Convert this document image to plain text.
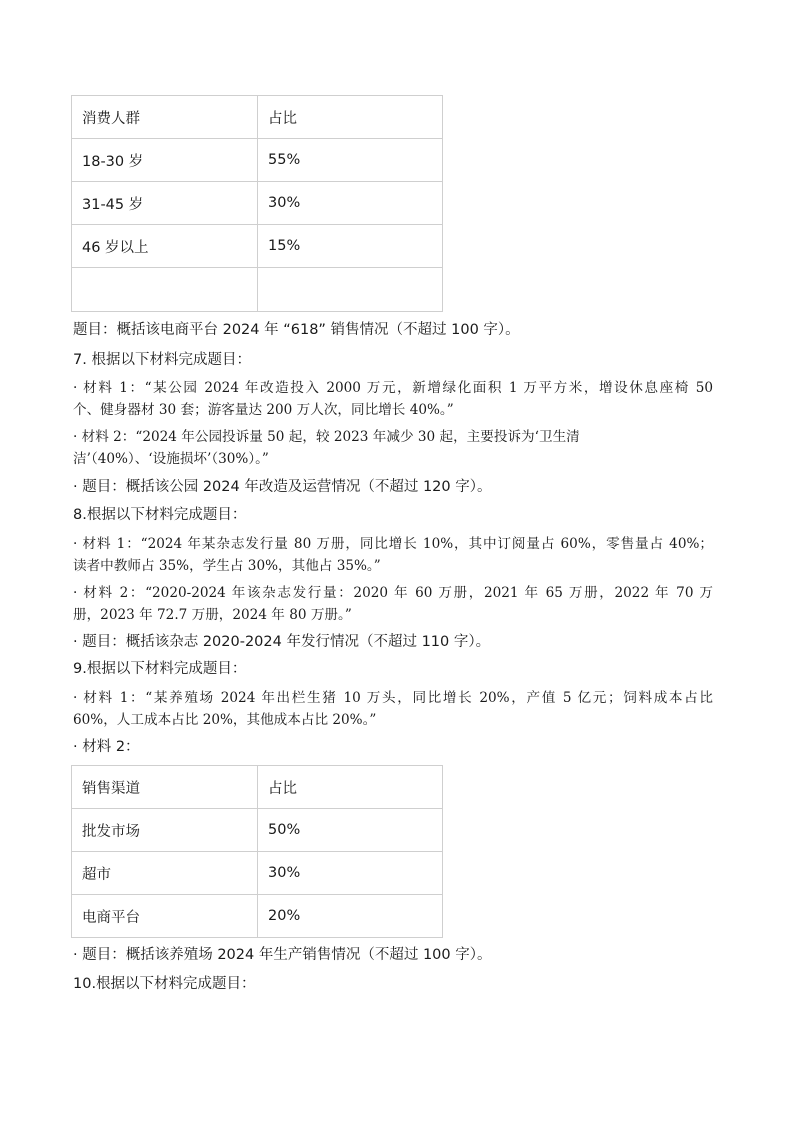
消费人群	占比
18-30 岁	55%
31-45 岁	30%
46 岁以上	15%

题目：概括该电商平台 2024 年 “618” 销售情况（不超过 100 字）。
7. 根据以下材料完成题目：
· 材料 1：“某公园 2024 年改造投入 2000 万元，新增绿化面积 1 万平方米，增设休息座椅 50
个、健身器材 30 套；游客量达 200 万人次，同比增长 40%。”
· 材料 2：“2024 年公园投诉量 50 起，较 2023 年减少 30 起，主要投诉为‘卫生清
洁’（40%）、‘设施损坏’（30%）。”
· 题目：概括该公园 2024 年改造及运营情况（不超过 120 字）。
8.根据以下材料完成题目：
· 材料 1：“2024 年某杂志发行量 80 万册，同比增长 10%，其中订阅量占 60%，零售量占 40%；
读者中教师占 35%，学生占 30%，其他占 35%。”
· 材料 2：“2020-2024 年该杂志发行量：2020 年 60 万册，2021 年 65 万册，2022 年 70 万
册，2023 年 72.7 万册，2024 年 80 万册。”
· 题目：概括该杂志 2020-2024 年发行情况（不超过 110 字）。
9.根据以下材料完成题目：
· 材料 1：“某养殖场 2024 年出栏生猪 10 万头，同比增长 20%，产值 5 亿元；饲料成本占比
60%，人工成本占比 20%，其他成本占比 20%。”
· 材料 2：
销售渠道	占比
批发市场	50%
超市	30%
电商平台	20%
· 题目：概括该养殖场 2024 年生产销售情况（不超过 100 字）。
10.根据以下材料完成题目：
